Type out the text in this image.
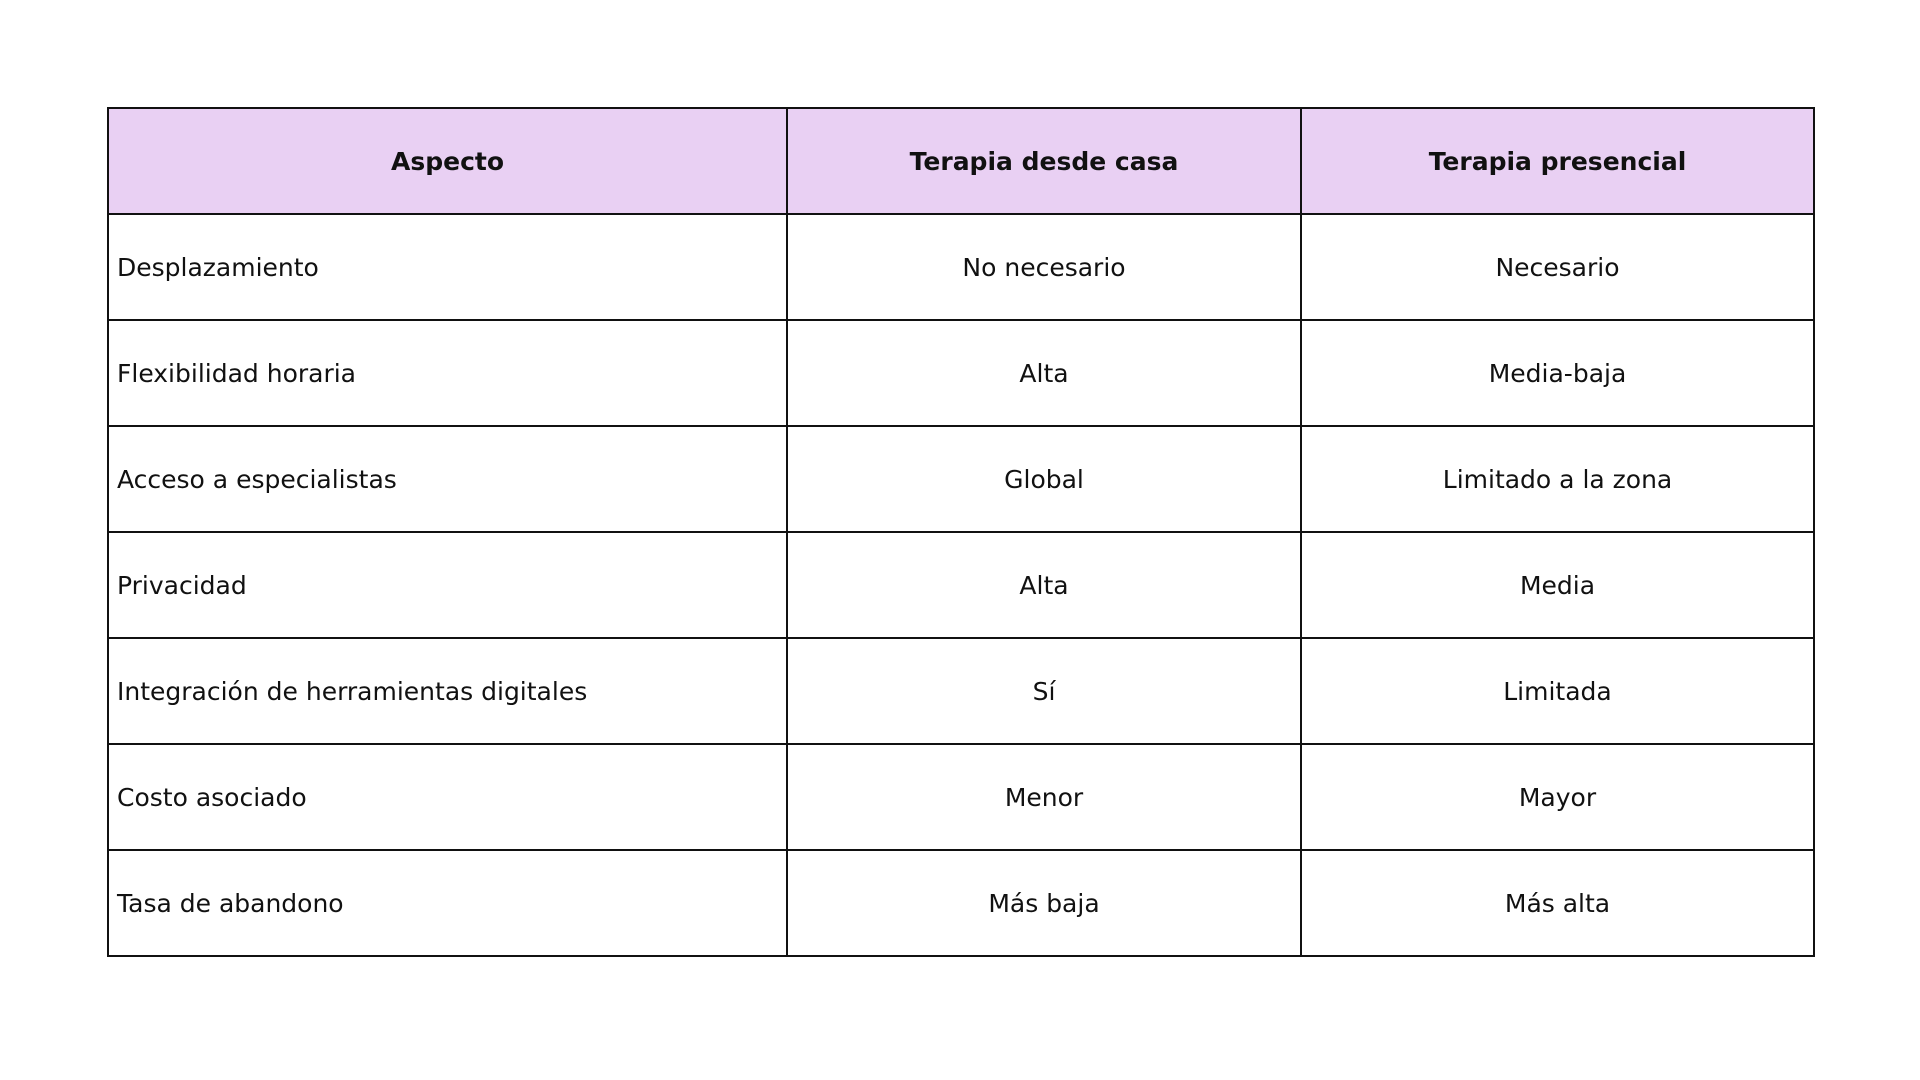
Aspecto	Terapia desde casa	Terapia presencial
Desplazamiento	No necesario	Necesario
Flexibilidad horaria	Alta	Media-baja
Acceso a especialistas	Global	Limitado a la zona
Privacidad	Alta	Media
Integración de herramientas digitales	Sí	Limitada
Costo asociado	Menor	Mayor
Tasa de abandono	Más baja	Más alta
